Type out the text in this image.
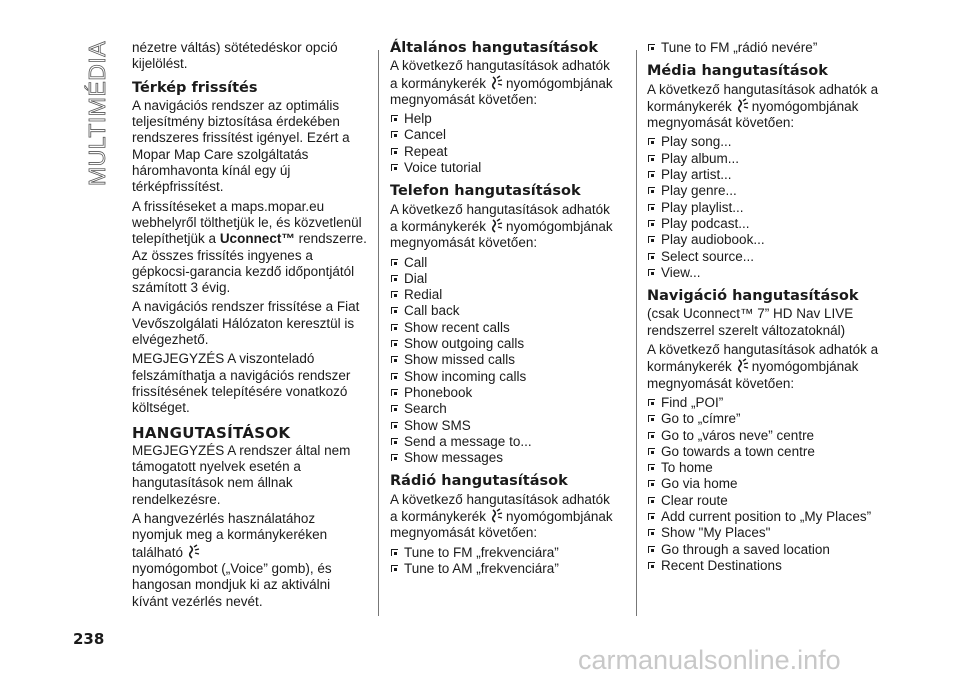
MULTIMÉDIA
238

nézetre váltás) sötétedéskor opció kijelölést.

Térkép frissítés

A navigációs rendszer az optimális teljesítmény biztosítása érdekében rendszeres frissítést igényel. Ezért a Mopar Map Care szolgáltatás háromhavonta kínál egy új térképfrissítést.

A frissítéseket a maps.mopar.eu webhelyről tölthetjük le, és közvetlenül telepíthetjük a Uconnect™ rendszerre. Az összes frissítés ingyenes a gépkocsi-garancia kezdő időpontjától számított 3 évig.

A navigációs rendszer frissítése a Fiat Vevőszolgálati Hálózaton keresztül is elvégezhető.

MEGJEGYZÉS A viszonteladó felszámíthatja a navigációs rendszer frissítésének telepítésére vonatkozó költséget.

HANGUTASÍTÁSOK

MEGJEGYZÉS A rendszer által nem támogatott nyelvek esetén a hangutasítások nem állnak rendelkezésre.

A hangvezérlés használatához nyomjuk meg a kormánykeréken található
nyomógombot („Voice” gomb), és hangosan mondjuk ki az aktiválni kívánt vezérlés nevét.

Általános hangutasítások

A következő hangutasítások adhatók a kormánykerék nyomógombjának megnyomását követően:

Help
Cancel
Repeat
Voice tutorial
Telefon hangutasítások

A következő hangutasítások adhatók a kormánykerék nyomógombjának megnyomását követően:

Call
Dial
Redial
Call back
Show recent calls
Show outgoing calls
Show missed calls
Show incoming calls
Phonebook
Search
Show SMS
Send a message to...
Show messages
Rádió hangutasítások

A következő hangutasítások adhatók a kormánykerék nyomógombjának megnyomását követően:

Tune to FM „frekvenciára”
Tune to AM „frekvenciára”
Tune to FM „rádió nevére”
Média hangutasítások

A következő hangutasítások adhatók a kormánykerék nyomógombjának megnyomását követően:

Play song...
Play album...
Play artist...
Play genre...
Play playlist...
Play podcast...
Play audiobook...
Select source...
View...
Navigáció hangutasítások

(csak Uconnect™ 7” HD Nav LIVE rendszerrel szerelt változatoknál)

A következő hangutasítások adhatók a kormánykerék nyomógombjának megnyomását követően:

Find „POI”
Go to „címre”
Go to „város neve” centre
Go towards a town centre
To home
Go via home
Clear route
Add current position to „My Places”
Show "My Places"
Go through a saved location
Recent Destinations
carmanualsonline.info
